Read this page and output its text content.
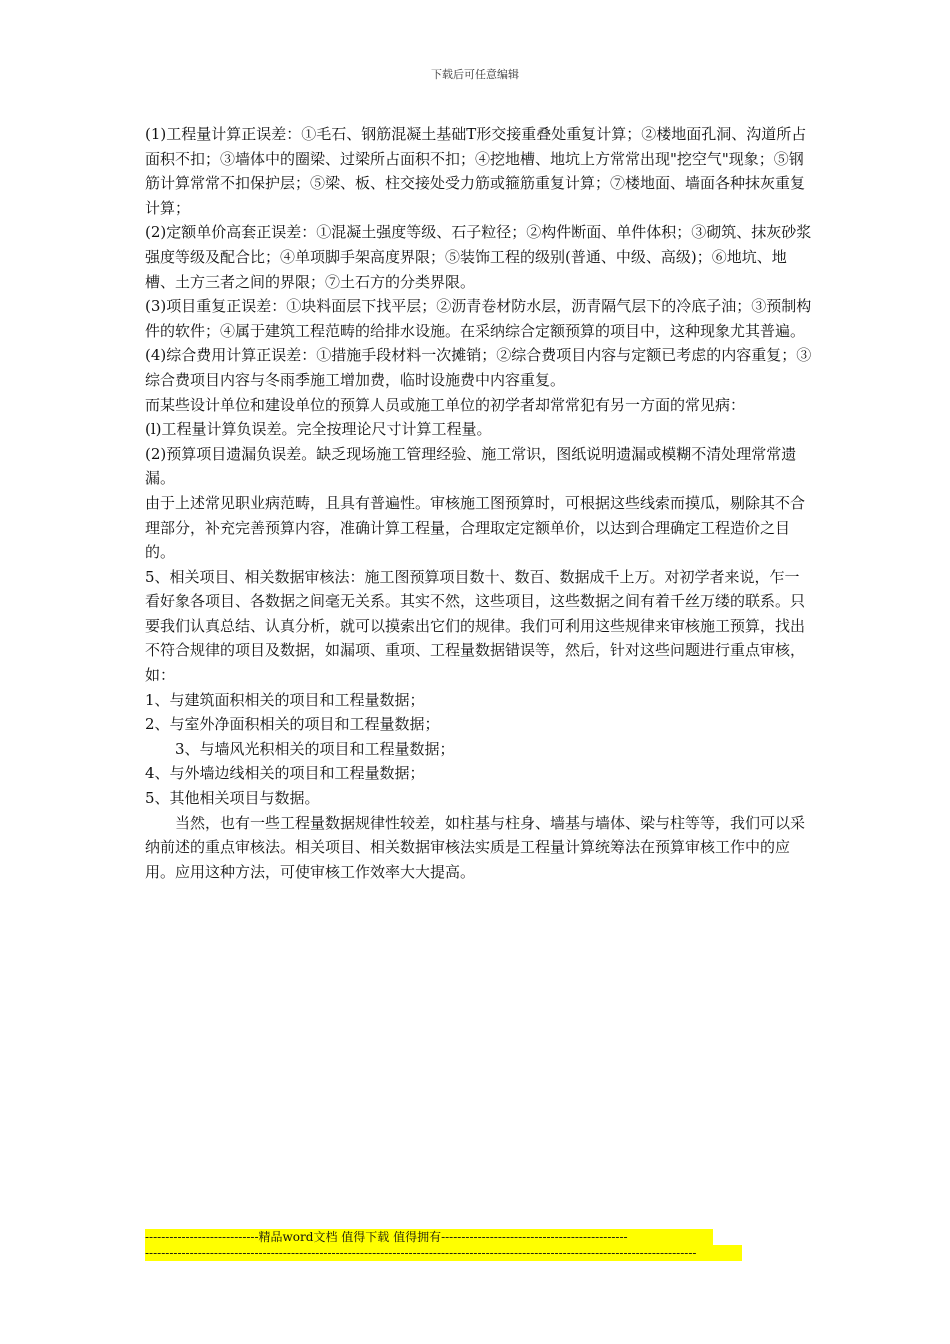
下载后可任意编辑

(1)工程量计算正误差：①毛石、钢筋混凝土基础T形交接重叠处重复计算；②楼地面孔洞、沟道所占面积不扣；③墙体中的圈梁、过梁所占面积不扣；④挖地槽、地坑上方常常出现"挖空气"现象；⑤钢筋计算常常不扣保护层；⑤梁、板、柱交接处受力筋或箍筋重复计算；⑦楼地面、墙面各种抹灰重复计算；

(2)定额单价高套正误差：①混凝土强度等级、石子粒径；②构件断面、单件体积；③砌筑、抹灰砂浆强度等级及配合比；④单项脚手架高度界限；⑤装饰工程的级别(普通、中级、高级)；⑥地坑、地槽、土方三者之间的界限；⑦土石方的分类界限。

(3)项目重复正误差：①块料面层下找平层；②沥青卷材防水层，沥青隔气层下的冷底子油；③预制构件的软件；④属于建筑工程范畴的给排水设施。在采纳综合定额预算的项目中，这种现象尤其普遍。

(4)综合费用计算正误差：①措施手段材料一次摊销；②综合费项目内容与定额已考虑的内容重复；③综合费项目内容与冬雨季施工增加费，临时设施费中内容重复。

而某些设计单位和建设单位的预算人员或施工单位的初学者却常常犯有另一方面的常见病：

(l)工程量计算负误差。完全按理论尺寸计算工程量。

(2)预算项目遗漏负误差。缺乏现场施工管理经验、施工常识，图纸说明遗漏或模糊不清处理常常遗漏。

由于上述常见职业病范畴，且具有普遍性。审核施工图预算时，可根据这些线索而摸瓜，剔除其不合理部分，补充完善预算内容，准确计算工程量，合理取定定额单价，以达到合理确定工程造价之目的。

5、相关项目、相关数据审核法：施工图预算项目数十、数百、数据成千上万。对初学者来说，乍一看好象各项目、各数据之间毫无关系。其实不然，这些项目，这些数据之间有着千丝万缕的联系。只要我们认真总结、认真分析，就可以摸索出它们的规律。我们可利用这些规律来审核施工预算，找出不符合规律的项目及数据，如漏项、重项、工程量数据错误等，然后，针对这些问题进行重点审核，如：

1、与建筑面积相关的项目和工程量数据；

2、与室外净面积相关的项目和工程量数据；

3、与墙风光积相关的项目和工程量数据；

4、与外墙边线相关的项目和工程量数据；

5、其他相关项目与数据。

当然，也有一些工程量数据规律性较差，如柱基与柱身、墙基与墙体、梁与柱等等，我们可以采纳前述的重点审核法。相关项目、相关数据审核法实质是工程量计算统筹法在预算审核工作中的应用。应用这种方法，可使审核工作效率大大提高。

----------------------------精品word文档 值得下载 值得拥有----------------------------------------------
----------------------------------------------------------------------------------------------------------------------------------------
